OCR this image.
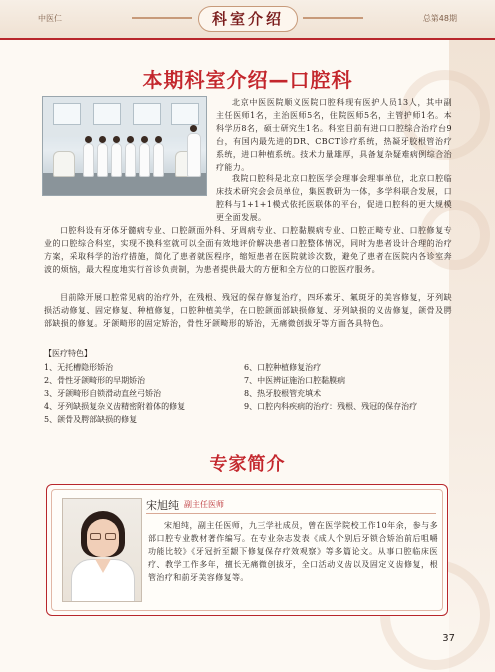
中医仁	科室介绍	总第48期
本期科室介绍—口腔科
北京中医医院顺义医院口腔科现有医护人员13人，其中副主任医师1名，主治医师5名，住院医师5名，主管护师1名。本科学历8名，硕士研究生1名。科室目前有进口口腔综合治疗台9台，有国内最先进的DR、CBCT诊疗系统，热凝牙胶根管治疗系统，进口种植系统。技术力量雄厚，具备复杂疑难病例综合治疗能力。
我院口腔科是北京口腔医学会理事会理事单位，北京口腔临床技术研究会会员单位，集医教研为一体，多学科联合发展，口腔科与1+1+1模式依托医联体的平台，促进口腔科的更大规模更全面发展。
口腔科设有牙体牙髓病专业、口腔颌面外科、牙周病专业、口腔黏膜病专业、口腔正畸专业、口腔修复专业的口腔综合科室，实现不换科室就可以全面有效地评价解决患者口腔整体情况，同时为患者设计合理的治疗方案，采取科学的治疗措施，简化了患者就医程序，缩短患者在医院就诊次数，避免了患者在医院内各诊室奔波的烦恼，最大程度地实行首诊负责制，为患者提供最大的方便和全方位的口腔医疗服务。
目前除开展口腔常见病的治疗外，在残根、残冠的保存修复治疗，四环素牙、氟斑牙的美容修复，牙列缺损活动修复、固定修复、种植修复，口腔种植美学，在口腔颌面部缺损修复、牙列缺损的义齿修复，颌骨及腭部缺损的修复。牙颌畸形的固定矫治，骨性牙颌畸形的矫治，无痛微创拔牙等方面各具特色。
【医疗特色】
1、无托槽隐形矫治
2、骨性牙颌畸形的早期矫治
3、牙颌畸形自锁滑动直丝弓矫治
4、牙列缺损复杂义齿精密附着体的修复
5、颌骨及腭部缺损的修复
6、口腔种植修复治疗
7、中医辨证施治口腔黏膜病
8、热牙胶根管充填术
9、口腔内科疾病的治疗：残根、残冠的保存治疗
专家简介
宋旭纯 副主任医师
宋旭纯，副主任医师，九三学社成员，曾在医学院校工作10年余，参与多部口腔专业教材著作编写。在专业杂志发表《成人个别后牙锁合矫治前后咀嚼功能比较》《牙冠折至龈下修复保存疗效观察》等多篇论文。从事口腔临床医疗、教学工作多年，擅长无痛微创拔牙，全口活动义齿以及固定义齿修复，根管治疗和前牙美容修复等。
37
